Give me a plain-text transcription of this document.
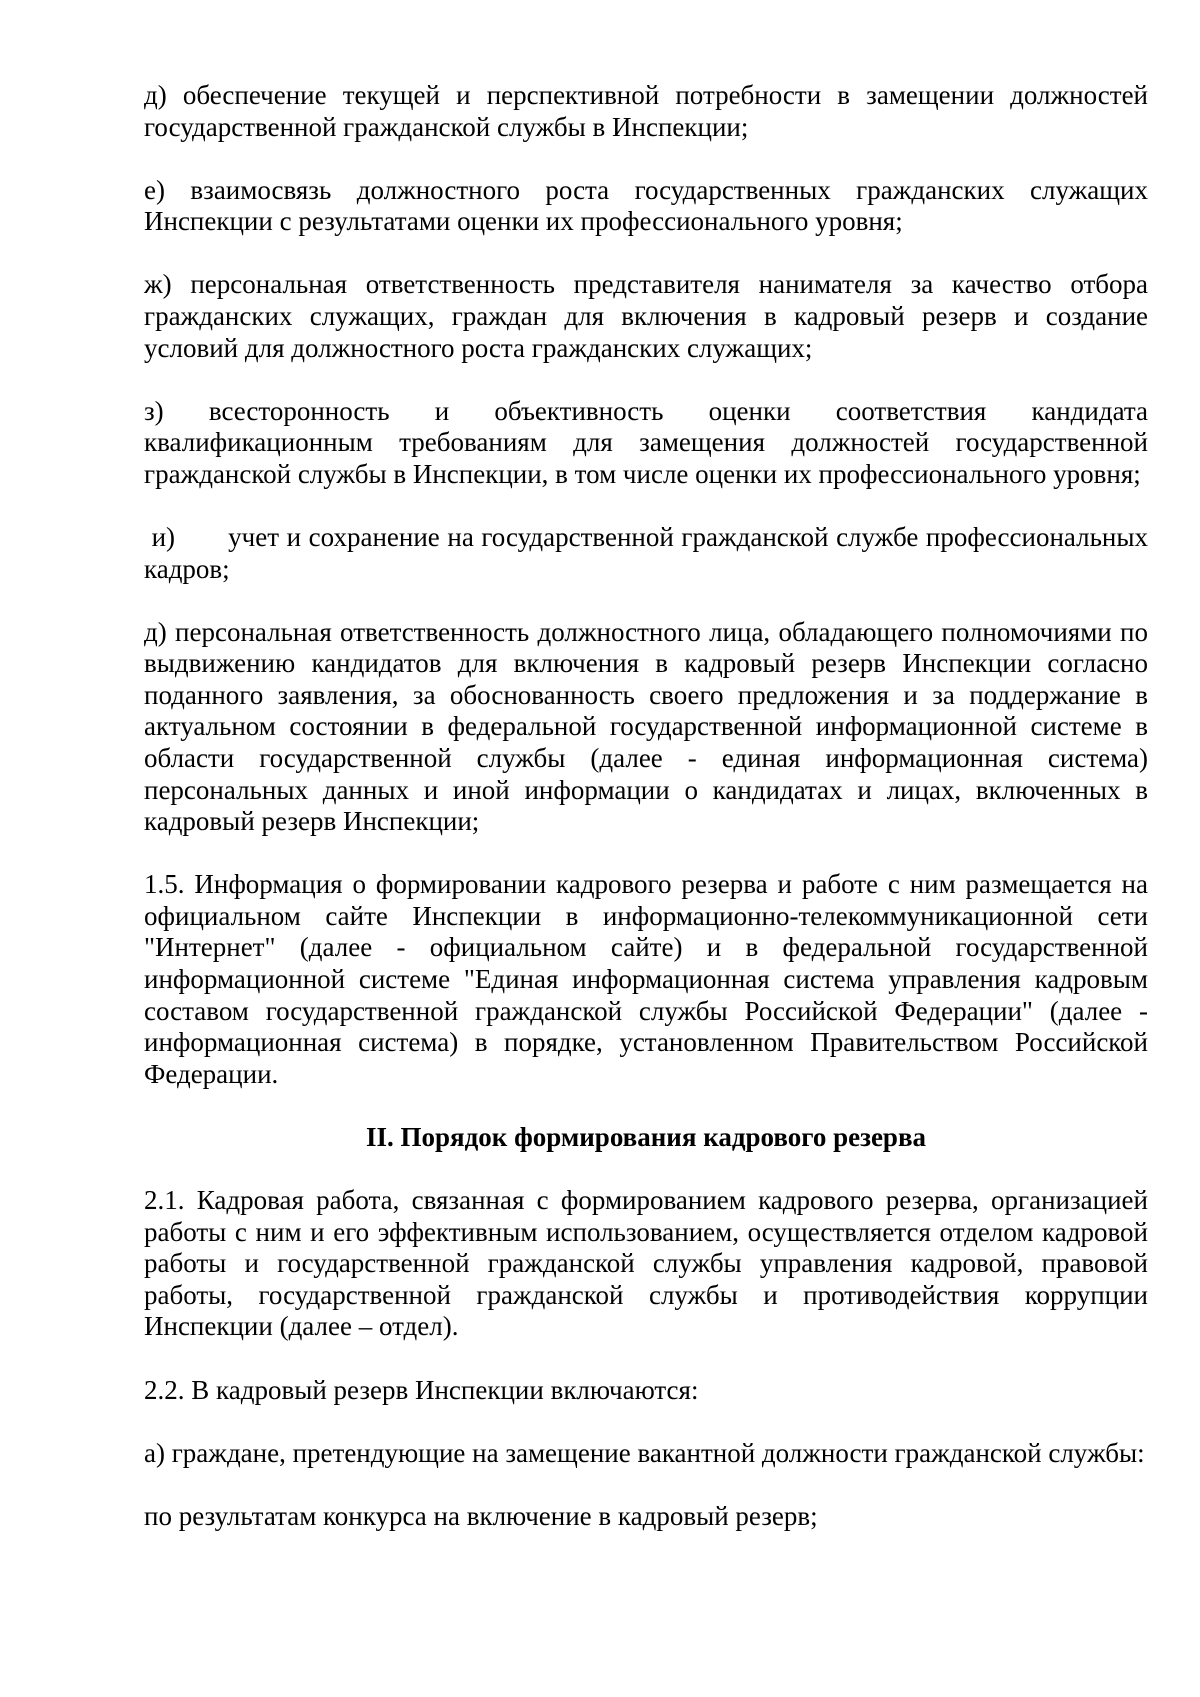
д) обеспечение текущей и перспективной потребности в замещении должностей государственной гражданской службы в Инспекции;

е) взаимосвязь должностного роста государственных гражданских служащих Инспекции с результатами оценки их профессионального уровня;

ж) персональная ответственность представителя нанимателя за качество отбора гражданских служащих, граждан для включения в кадровый резерв и создание условий для должностного роста гражданских служащих;

з) всесторонность и объективность оценки соответствия кандидата квалификационным требованиям для замещения должностей государственной гражданской службы в Инспекции, в том числе оценки их профессионального уровня;

и)       учет и сохранение на государственной гражданской службе профессиональных кадров;

д) персональная ответственность должностного лица, обладающего полномочиями по выдвижению кандидатов для включения в кадровый резерв Инспекции согласно поданного заявления, за обоснованность своего предложения и за поддержание в актуальном состоянии в федеральной государственной информационной системе в области государственной службы (далее - единая информационная система) персональных данных и иной информации о кандидатах и лицах, включенных в кадровый резерв Инспекции;

1.5. Информация о формировании кадрового резерва и работе с ним размещается на официальном сайте Инспекции в информационно-телекоммуникационной сети "Интернет" (далее - официальном сайте) и в федеральной государственной информационной системе "Единая информационная система управления кадровым составом государственной гражданской службы Российской Федерации" (далее - информационная система) в порядке, установленном Правительством Российской Федерации.

II. Порядок формирования кадрового резерва

2.1. Кадровая работа, связанная с формированием кадрового резерва, организацией работы с ним и его эффективным использованием, осуществляется отделом кадровой работы и государственной гражданской службы управления кадровой, правовой работы, государственной гражданской службы и противодействия коррупции Инспекции (далее – отдел).

2.2. В кадровый резерв Инспекции включаются:

а) граждане, претендующие на замещение вакантной должности гражданской службы:

по результатам конкурса на включение в кадровый резерв;
